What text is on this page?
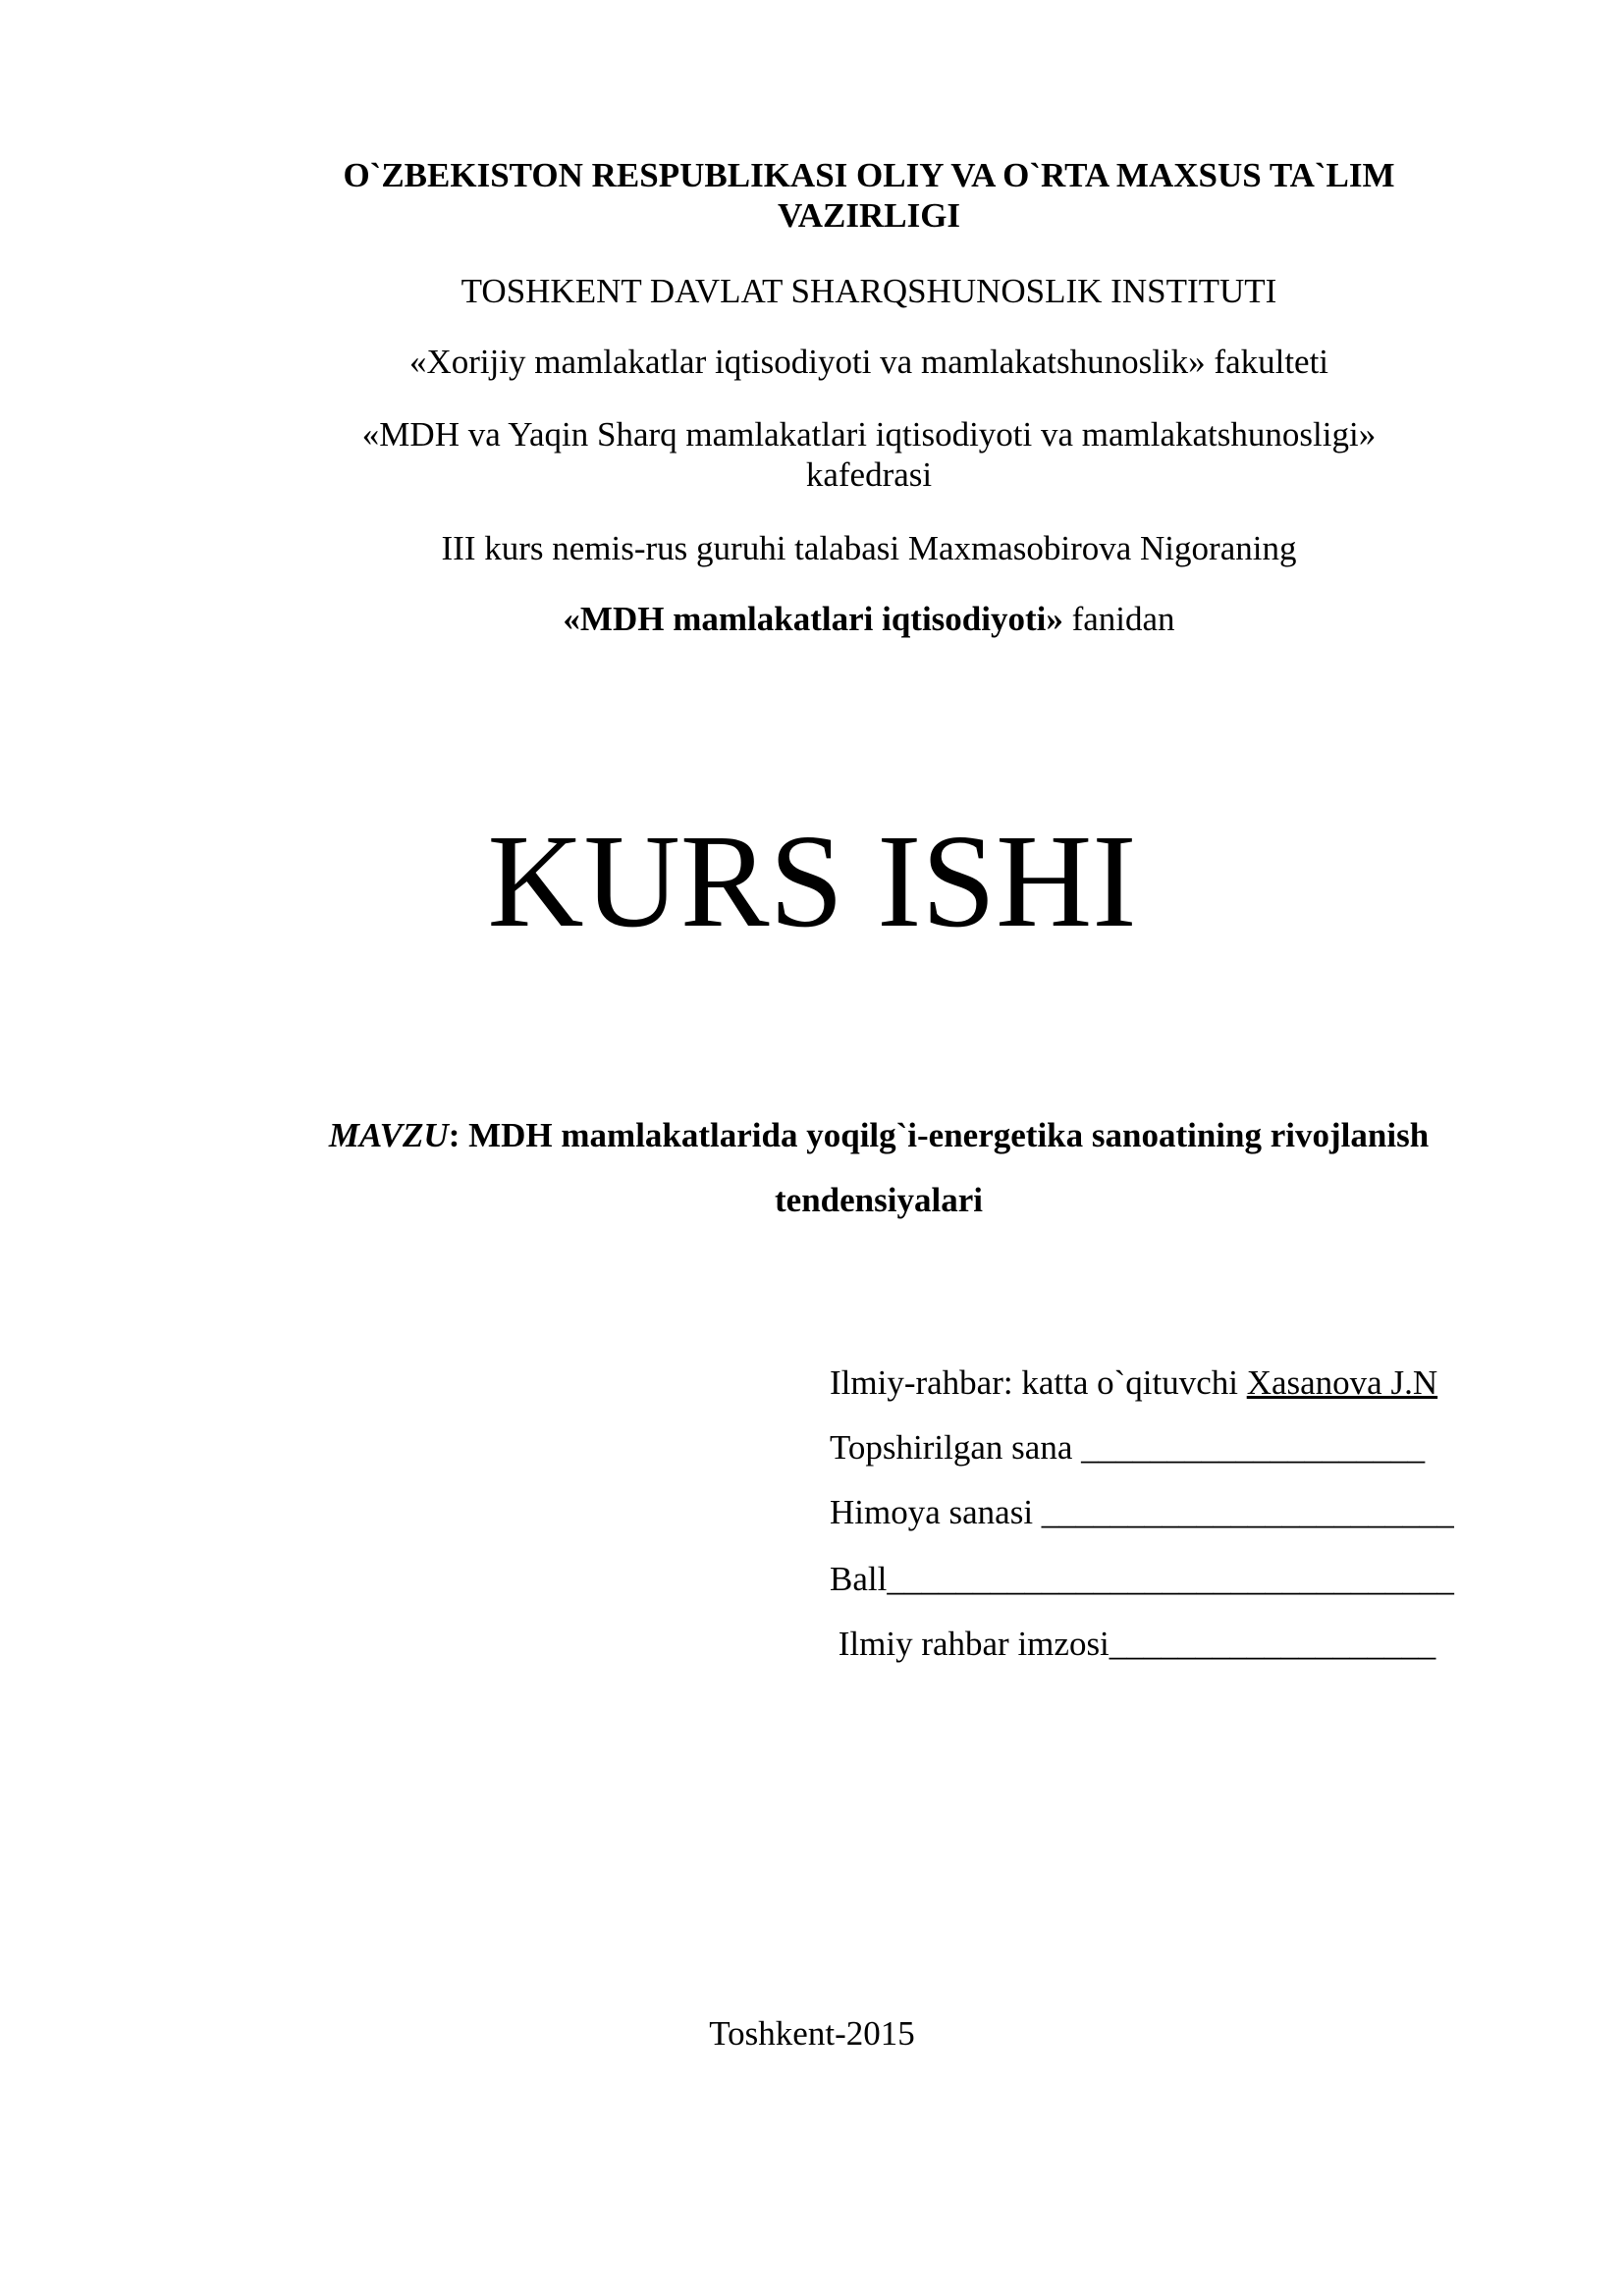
O`ZBEKISTON RESPUBLIKASI OLIY VA O`RTA MAXSUS TA`LIM
VAZIRLIGI
TOSHKENT DAVLAT SHARQSHUNOSLIK INSTITUTI
«Xorijiy mamlakatlar iqtisodiyoti va mamlakatshunoslik» fakulteti
«MDH va Yaqin Sharq mamlakatlari iqtisodiyoti va mamlakatshunosligi»
kafedrasi
III kurs nemis-rus guruhi talabasi Maxmasobirova Nigoraning
«MDH mamlakatlari iqtisodiyoti» fanidan
KURS ISHI
MAVZU: MDH mamlakatlarida yoqilg`i-energetika sanoatining rivojlanish
tendensiyalari
Ilmiy-rahbar: katta o`qituvchi Xasanova J.N
Topshirilgan sana ____________________
Himoya sanasi ________________________
Ball_________________________________
Ilmiy rahbar imzosi___________________
Toshkent-2015
